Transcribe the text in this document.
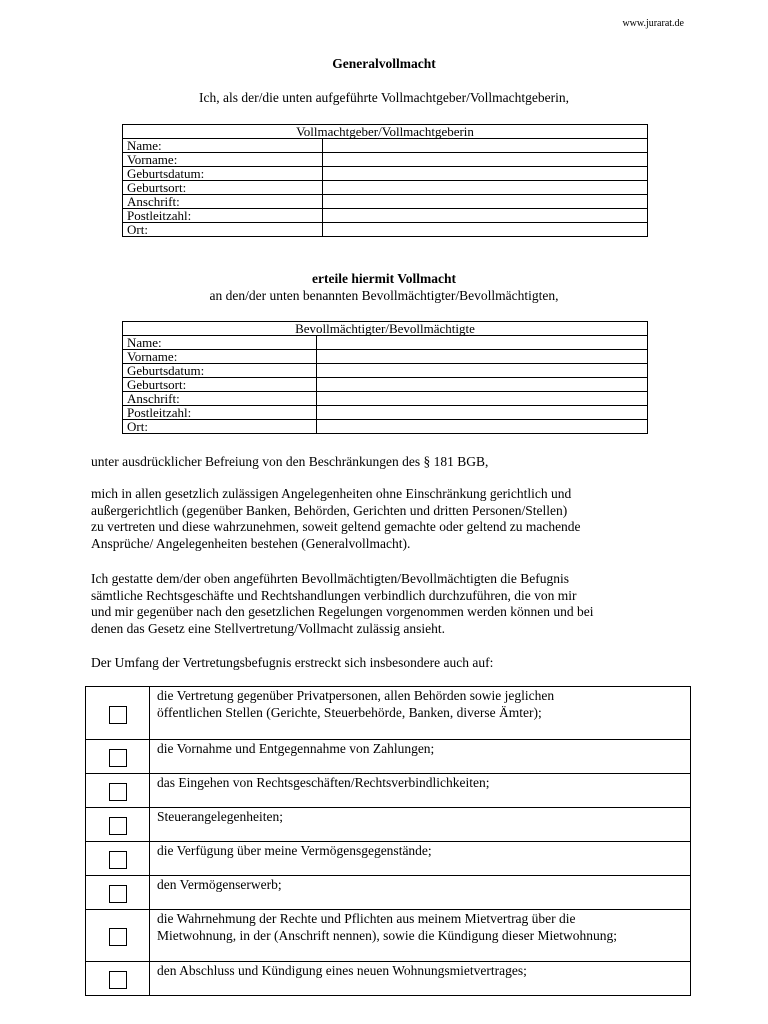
www.jurarat.de
Generalvollmacht
Ich, als der/die unten aufgeführte Vollmachtgeber/Vollmachtgeberin,
Vollmachtgeber/Vollmachtgeberin	
Name:	
Vorname:	
Geburtsdatum:	
Geburtsort:	
Anschrift:	
Postleitzahl:	
Ort:	
erteile hiermit Vollmacht
an den/der unten benannten Bevollmächtigter/Bevollmächtigten,
Bevollmächtigter/Bevollmächtigte	
Name:	
Vorname:	
Geburtsdatum:	
Geburtsort:	
Anschrift:	
Postleitzahl:	
Ort:	
unter ausdrücklicher Befreiung von den Beschränkungen des § 181 BGB,
mich in allen gesetzlich zulässigen Angelegenheiten ohne Einschränkung gerichtlich und
außergerichtlich (gegenüber Banken, Behörden, Gerichten und dritten Personen/Stellen)
zu vertreten und diese wahrzunehmen, soweit geltend gemachte oder geltend zu machende
Ansprüche/ Angelegenheiten bestehen (Generalvollmacht).
Ich gestatte dem/der oben angeführten Bevollmächtigten/Bevollmächtigten die Befugnis
sämtliche Rechtsgeschäfte und Rechtshandlungen verbindlich durchzuführen, die von mir
und mir gegenüber nach den gesetzlichen Regelungen vorgenommen werden können und bei
denen das Gesetz eine Stellvertretung/Vollmacht zulässig ansieht.
Der Umfang der Vertretungsbefugnis erstreckt sich insbesondere auch auf:

	die Vertretung gegenüber Privatpersonen, allen Behörden sowie jeglichen
öffentlichen Stellen (Gerichte, Steuerbehörde, Banken, diverse Ämter);

	die Vornahme und Entgegennahme von Zahlungen;

	das Eingehen von Rechtsgeschäften/Rechtsverbindlichkeiten;

	Steuerangelegenheiten;

	die Verfügung über meine Vermögensgegenstände;

	den Vermögenserwerb;

	die Wahrnehmung der Rechte und Pflichten aus meinem Mietvertrag über die
Mietwohnung, in der (Anschrift nennen), sowie die Kündigung dieser Mietwohnung;

	den Abschluss und Kündigung eines neuen Wohnungsmietvertrages;
